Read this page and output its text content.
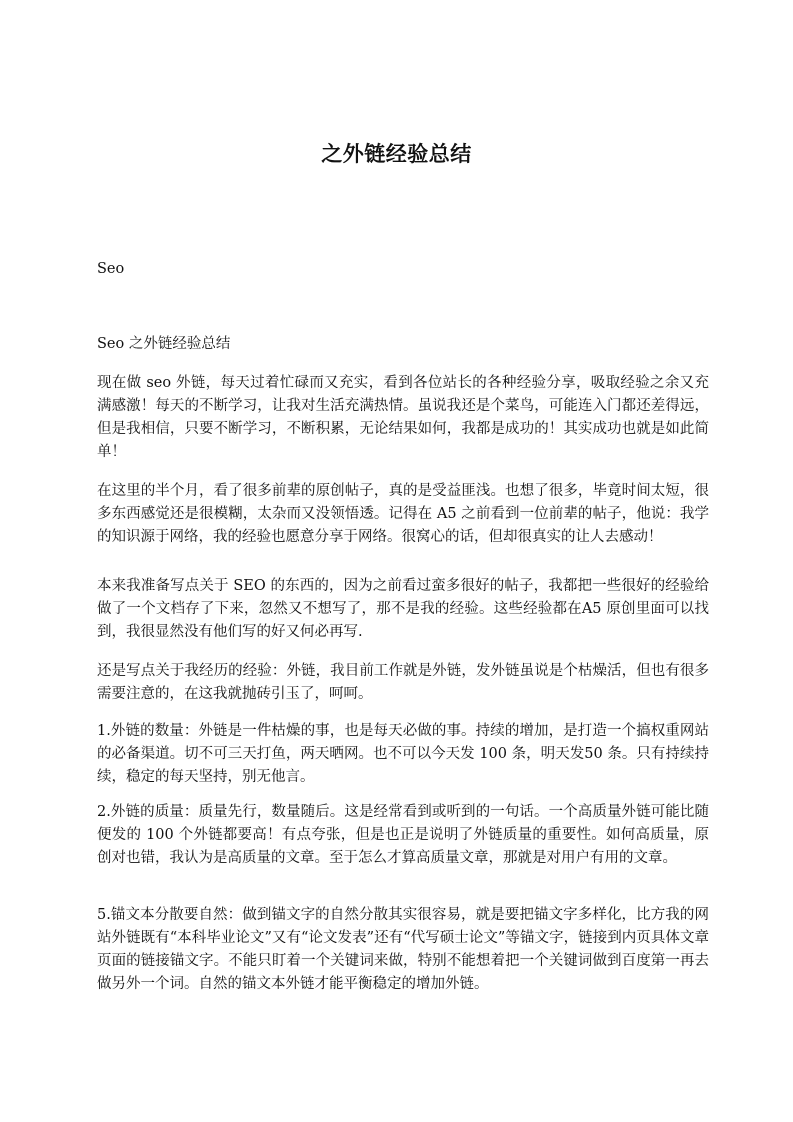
之外链经验总结

Seo

Seo 之外链经验总结

现在做 seo 外链，每天过着忙碌而又充实，看到各位站长的各种经验分享，吸取经验之余又充满感激！每天的不断学习，让我对生活充满热情。虽说我还是个菜鸟，可能连入门都还差得远，但是我相信，只要不断学习，不断积累，无论结果如何，我都是成功的！其实成功也就是如此简单！

在这里的半个月，看了很多前辈的原创帖子，真的是受益匪浅。也想了很多，毕竟时间太短，很多东西感觉还是很模糊，太杂而又没领悟透。记得在 A5 之前看到一位前辈的帖子，他说：我学的知识源于网络，我的经验也愿意分享于网络。很窝心的话，但却很真实的让人去感动！

本来我准备写点关于 SEO 的东西的，因为之前看过蛮多很好的帖子，我都把一些很好的经验给做了一个文档存了下来，忽然又不想写了，那不是我的经验。这些经验都在A5 原创里面可以找到，我很显然没有他们写的好又何必再写.

还是写点关于我经历的经验：外链，我目前工作就是外链，发外链虽说是个枯燥活，但也有很多需要注意的，在这我就抛砖引玉了，呵呵。

1.外链的数量：外链是一件枯燥的事，也是每天必做的事。持续的增加，是打造一个搞权重网站的必备渠道。切不可三天打鱼，两天晒网。也不可以今天发 100 条，明天发50 条。只有持续持续，稳定的每天坚持，别无他言。

2.外链的质量：质量先行，数量随后。这是经常看到或听到的一句话。一个高质量外链可能比随便发的 100 个外链都要高！有点夸张，但是也正是说明了外链质量的重要性。如何高质量，原创对也错，我认为是高质量的文章。至于怎么才算高质量文章，那就是对用户有用的文章。

5.锚文本分散要自然：做到锚文字的自然分散其实很容易，就是要把锚文字多样化，比方我的网站外链既有“本科毕业论文”又有“论文发表”还有“代写硕士论文”等锚文字，链接到内页具体文章页面的链接锚文字。不能只盯着一个关键词来做，特别不能想着把一个关键词做到百度第一再去做另外一个词。自然的锚文本外链才能平衡稳定的增加外链。
